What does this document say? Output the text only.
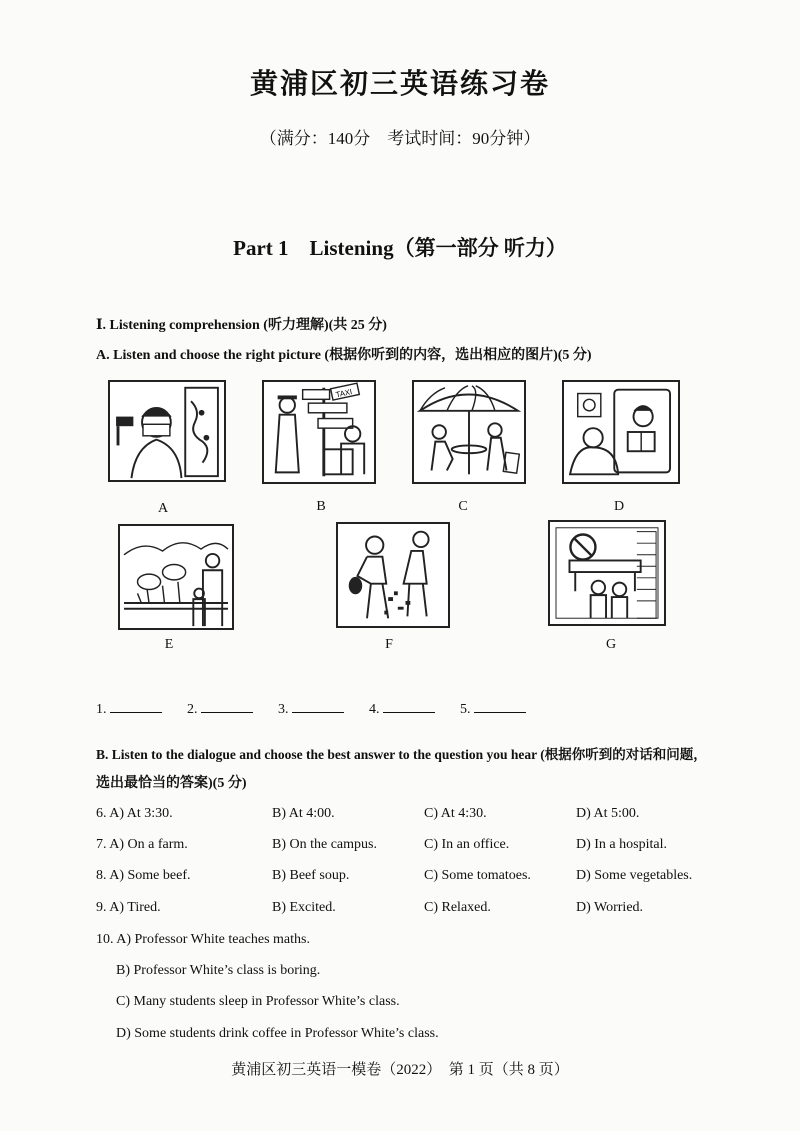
黄浦区初三英语练习卷
（满分：140分　考试时间：90分钟）
Part 1　Listening（第一部分 听力）
Ⅰ. Listening comprehension (听力理解)(共 25 分)
A. Listen and choose the right picture (根据你听到的内容，选出相应的图片)(5 分)
A
TAXI
B	C	D
E	F	G
1.	2.	3.	4.	5.
B. Listen to the dialogue and choose the best answer to the question you hear (根据你听到的对话和问题，
选出最恰当的答案)(5 分)
6. A) At 3:30.	B) At 4:00.	C) At 4:30.	D) At 5:00.
7. A) On a farm.	B) On the campus.	C) In an office.	D) In a hospital.
8. A) Some beef.	B) Beef soup.	C) Some tomatoes.	D) Some vegetables.
9. A) Tired.	B) Excited.	C) Relaxed.	D) Worried.
10. A) Professor White teaches maths.
B) Professor White’s class is boring.
C) Many students sleep in Professor White’s class.
D) Some students drink coffee in Professor White’s class.
黄浦区初三英语一模卷（2022）　第 1 页（共 8 页）
